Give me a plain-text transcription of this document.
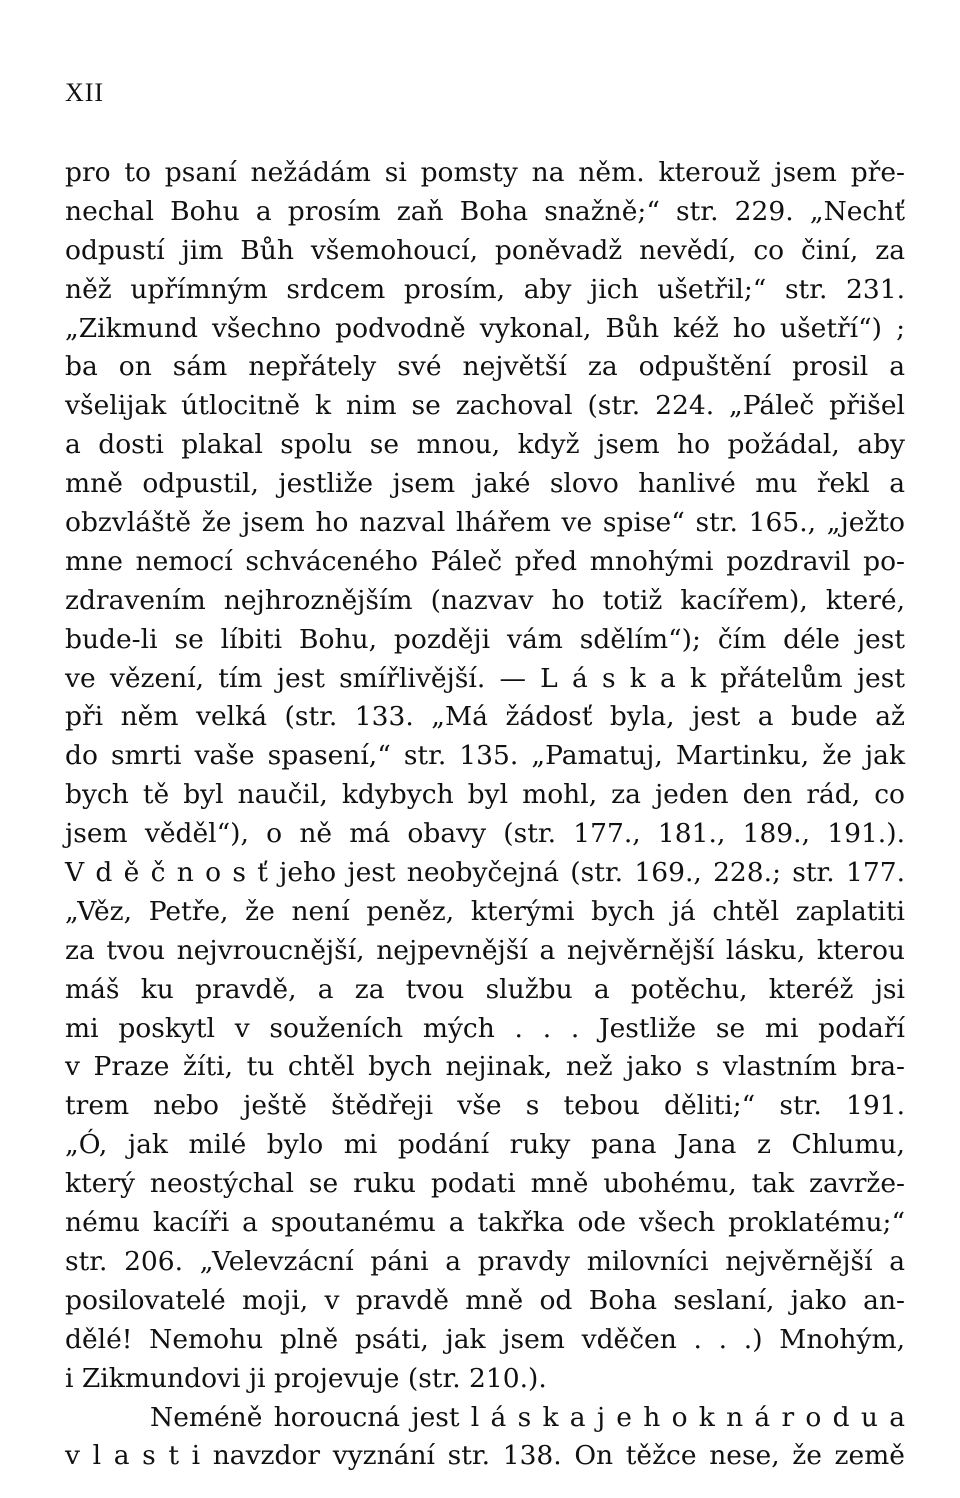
XII
pro to psaní nežádám si pomsty na něm. kterouž jsem pře-
nechal Bohu a prosím zaň Boha snažně;“ str. 229. „Nechť
odpustí jim Bůh všemohoucí, poněvadž nevědí, co činí, za
něž upřímným srdcem prosím, aby jich ušetřil;“ str. 231.
„Zikmund všechno podvodně vykonal, Bůh kéž ho ušetří“) ;
ba on sám nepřátely své největší za odpuštění prosil a
všelijak útlocitně k nim se zachoval (str. 224. „Páleč přišel
a dosti plakal spolu se mnou, když jsem ho požádal, aby
mně odpustil, jestliže jsem jaké slovo hanlivé mu řekl a
obzvláště že jsem ho nazval lhářem ve spise“ str. 165., „ježto
mne nemocí schváceného Páleč před mnohými pozdravil po-
zdravením nejhroznějším (nazvav ho totiž kacířem), které,
bude-li se líbiti Bohu, později vám sdělím“); čím déle jest
ve vězení, tím jest smířlivější. — L á s k a k přátelům jest
při něm velká (str. 133. „Má žádosť byla, jest a bude až
do smrti vaše spasení,“ str. 135. „Pamatuj, Martinku, že jak
bych tě byl naučil, kdybych byl mohl, za jeden den rád, co
jsem věděl“), o ně má obavy (str. 177., 181., 189., 191.).
V d ě č n o s ť jeho jest neobyčejná (str. 169., 228.; str. 177.
„Věz, Petře, že není peněz, kterými bych já chtěl zaplatiti
za tvou nejvroucnější, nejpevnější a nejvěrnější lásku, kterou
máš ku pravdě, a za tvou službu a potěchu, kteréž jsi
mi poskytl v souženích mých . . . Jestliže se mi podaří
v Praze žíti, tu chtěl bych nejinak, než jako s vlastním bra-
trem nebo ještě štědřeji vše s tebou děliti;“ str. 191.
„Ó, jak milé bylo mi podání ruky pana Jana z Chlumu,
který neostýchal se ruku podati mně ubohému, tak zavrže-
nému kacíři a spoutanému a takřka ode všech proklatému;“
str. 206. „Velevzácní páni a pravdy milovníci nejvěrnější a
posilovatelé moji, v pravdě mně od Boha seslaní, jako an-
dělé! Nemohu plně psáti, jak jsem vděčen . . .) Mnohým,
i Zikmundovi ji projevuje (str. 210.).
Neméně horoucná jest l á s k a j e h o k n á r o d u a
v l a s t i navzdor vyznání str. 138. On těžce nese, že země
